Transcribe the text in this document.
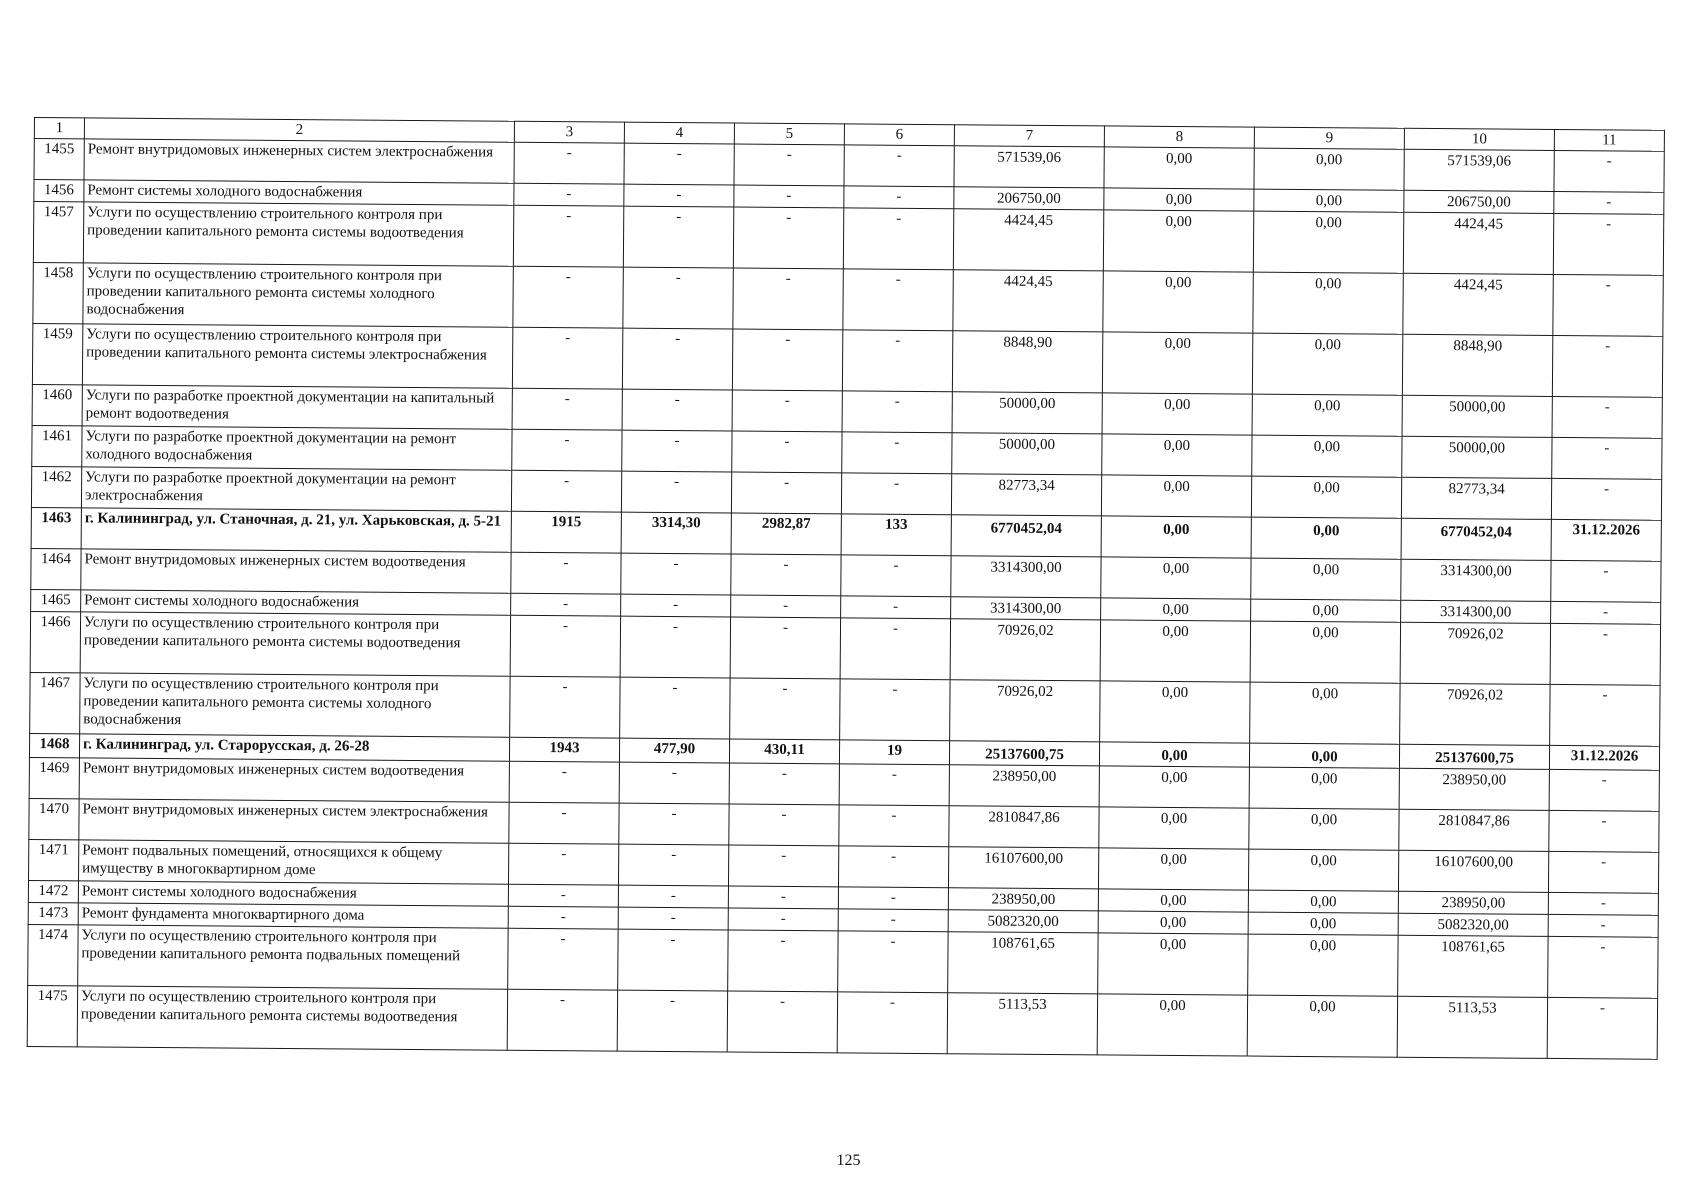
1	2	3	4	5	6	7	8	9	10	11
1455	Ремонт внутридомовых инженерных систем электроснабжения	-	-	-	-	571539,06	0,00	0,00	571539,06	-
1456	Ремонт системы холодного водоснабжения	-	-	-	-	206750,00	0,00	0,00	206750,00	-
1457	Услуги по осуществлению строительного контроля при проведении капитального ремонта системы водоотведения	-	-	-	-	4424,45	0,00	0,00	4424,45	-
1458	Услуги по осуществлению строительного контроля при проведении капитального ремонта системы холодного водоснабжения	-	-	-	-	4424,45	0,00	0,00	4424,45	-
1459	Услуги по осуществлению строительного контроля при проведении капитального ремонта системы электроснабжения	-	-	-	-	8848,90	0,00	0,00	8848,90	-
1460	Услуги по разработке проектной документации на капитальный ремонт водоотведения	-	-	-	-	50000,00	0,00	0,00	50000,00	-
1461	Услуги по разработке проектной документации на ремонт холодного водоснабжения	-	-	-	-	50000,00	0,00	0,00	50000,00	-
1462	Услуги по разработке проектной документации на ремонт электроснабжения	-	-	-	-	82773,34	0,00	0,00	82773,34	-
1463	г. Калининград, ул. Станочная, д. 21, ул. Харьковская, д. 5-21	1915	3314,30	2982,87	133	6770452,04	0,00	0,00	6770452,04	31.12.2026
1464	Ремонт внутридомовых инженерных систем водоотведения	-	-	-	-	3314300,00	0,00	0,00	3314300,00	-
1465	Ремонт системы холодного водоснабжения	-	-	-	-	3314300,00	0,00	0,00	3314300,00	-
1466	Услуги по осуществлению строительного контроля при проведении капитального ремонта системы водоотведения	-	-	-	-	70926,02	0,00	0,00	70926,02	-
1467	Услуги по осуществлению строительного контроля при проведении капитального ремонта системы холодного водоснабжения	-	-	-	-	70926,02	0,00	0,00	70926,02	-
1468	г. Калининград, ул. Старорусская, д. 26-28	1943	477,90	430,11	19	25137600,75	0,00	0,00	25137600,75	31.12.2026
1469	Ремонт внутридомовых инженерных систем водоотведения	-	-	-	-	238950,00	0,00	0,00	238950,00	-
1470	Ремонт внутридомовых инженерных систем электроснабжения	-	-	-	-	2810847,86	0,00	0,00	2810847,86	-
1471	Ремонт подвальных помещений, относящихся к общему имуществу в многоквартирном доме	-	-	-	-	16107600,00	0,00	0,00	16107600,00	-
1472	Ремонт системы холодного водоснабжения	-	-	-	-	238950,00	0,00	0,00	238950,00	-
1473	Ремонт фундамента многоквартирного дома	-	-	-	-	5082320,00	0,00	0,00	5082320,00	-
1474	Услуги по осуществлению строительного контроля при проведении капитального ремонта подвальных помещений	-	-	-	-	108761,65	0,00	0,00	108761,65	-
1475	Услуги по осуществлению строительного контроля при проведении капитального ремонта системы водоотведения	-	-	-	-	5113,53	0,00	0,00	5113,53	-
125
